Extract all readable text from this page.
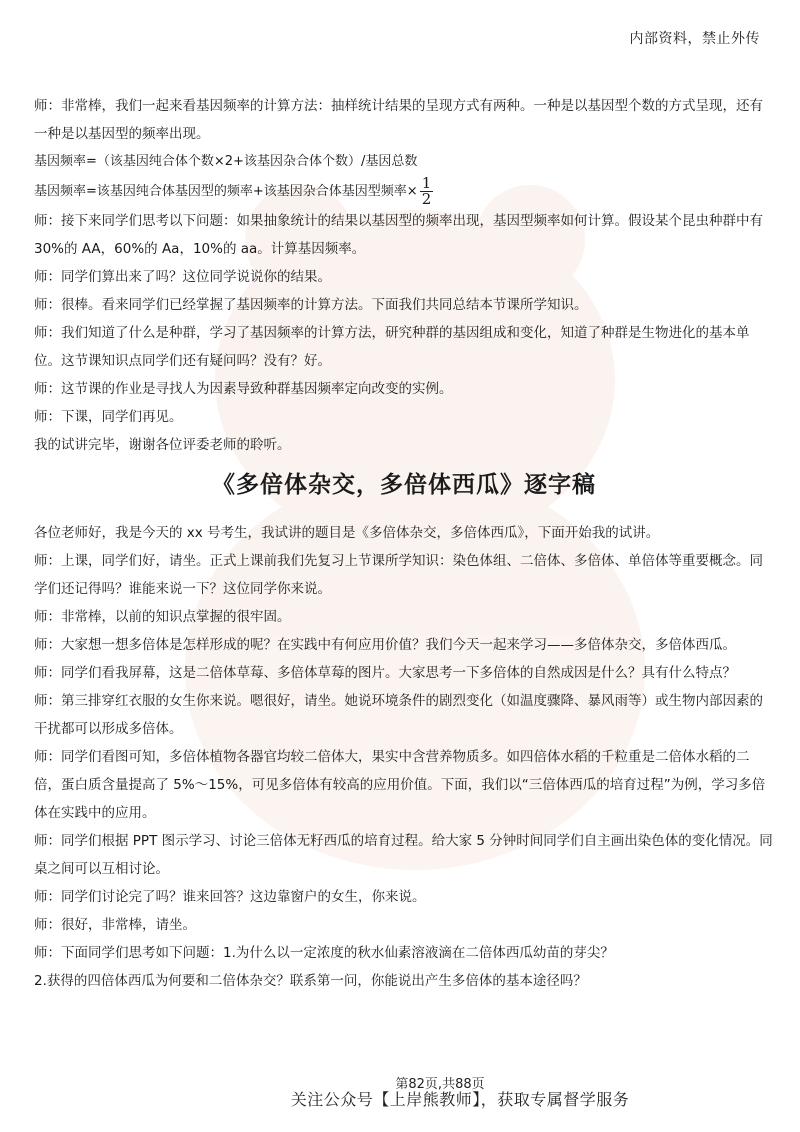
内部资料，禁止外传

师：非常棒，我们一起来看基因频率的计算方法：抽样统计结果的呈现方式有两种。一种是以基因型个数的方式呈现，还有一种是以基因型的频率出现。

基因频率=（该基因纯合体个数×2+该基因杂合体个数）/基因总数

基因频率=该基因纯合体基因型的频率+该基因杂合体基因型频率× $\frac{1}{2}$

师：接下来同学们思考以下问题：如果抽象统计的结果以基因型的频率出现，基因型频率如何计算。假设某个昆虫种群中有 30%的 AA，60%的 Aa，10%的 aa。计算基因频率。

师：同学们算出来了吗？这位同学说说你的结果。

师：很棒。看来同学们已经掌握了基因频率的计算方法。下面我们共同总结本节课所学知识。

师：我们知道了什么是种群，学习了基因频率的计算方法，研究种群的基因组成和变化，知道了种群是生物进化的基本单位。这节课知识点同学们还有疑问吗？没有？好。

师：这节课的作业是寻找人为因素导致种群基因频率定向改变的实例。

师：下课，同学们再见。

我的试讲完毕，谢谢各位评委老师的聆听。

《多倍体杂交，多倍体西瓜》逐字稿

各位老师好，我是今天的 xx 号考生，我试讲的题目是《多倍体杂交，多倍体西瓜》，下面开始我的试讲。

师：上课，同学们好，请坐。正式上课前我们先复习上节课所学知识：染色体组、二倍体、多倍体、单倍体等重要概念。同学们还记得吗？谁能来说一下？这位同学你来说。

师：非常棒，以前的知识点掌握的很牢固。

师：大家想一想多倍体是怎样形成的呢？在实践中有何应用价值？我们今天一起来学习——多倍体杂交，多倍体西瓜。

师：同学们看我屏幕，这是二倍体草莓、多倍体草莓的图片。大家思考一下多倍体的自然成因是什么？具有什么特点？

师：第三排穿红衣服的女生你来说。嗯很好，请坐。她说环境条件的剧烈变化（如温度骤降、暴风雨等）或生物内部因素的干扰都可以形成多倍体。

师：同学们看图可知，多倍体植物各器官均较二倍体大，果实中含营养物质多。如四倍体水稻的千粒重是二倍体水稻的二倍，蛋白质含量提高了 5%～15%，可见多倍体有较高的应用价值。下面，我们以“三倍体西瓜的培育过程”为例，学习多倍体在实践中的应用。

师：同学们根据 PPT 图示学习、讨论三倍体无籽西瓜的培育过程。给大家 5 分钟时间同学们自主画出染色体的变化情况。同桌之间可以互相讨论。

师：同学们讨论完了吗？谁来回答？这边靠窗户的女生，你来说。

师：很好，非常棒，请坐。

师：下面同学们思考如下问题：1.为什么以一定浓度的秋水仙素溶液滴在二倍体西瓜幼苗的芽尖？

2.获得的四倍体西瓜为何要和二倍体杂交？联系第一问，你能说出产生多倍体的基本途径吗？

第82页,共88页
关注公众号【上岸熊教师】，获取专属督学服务
